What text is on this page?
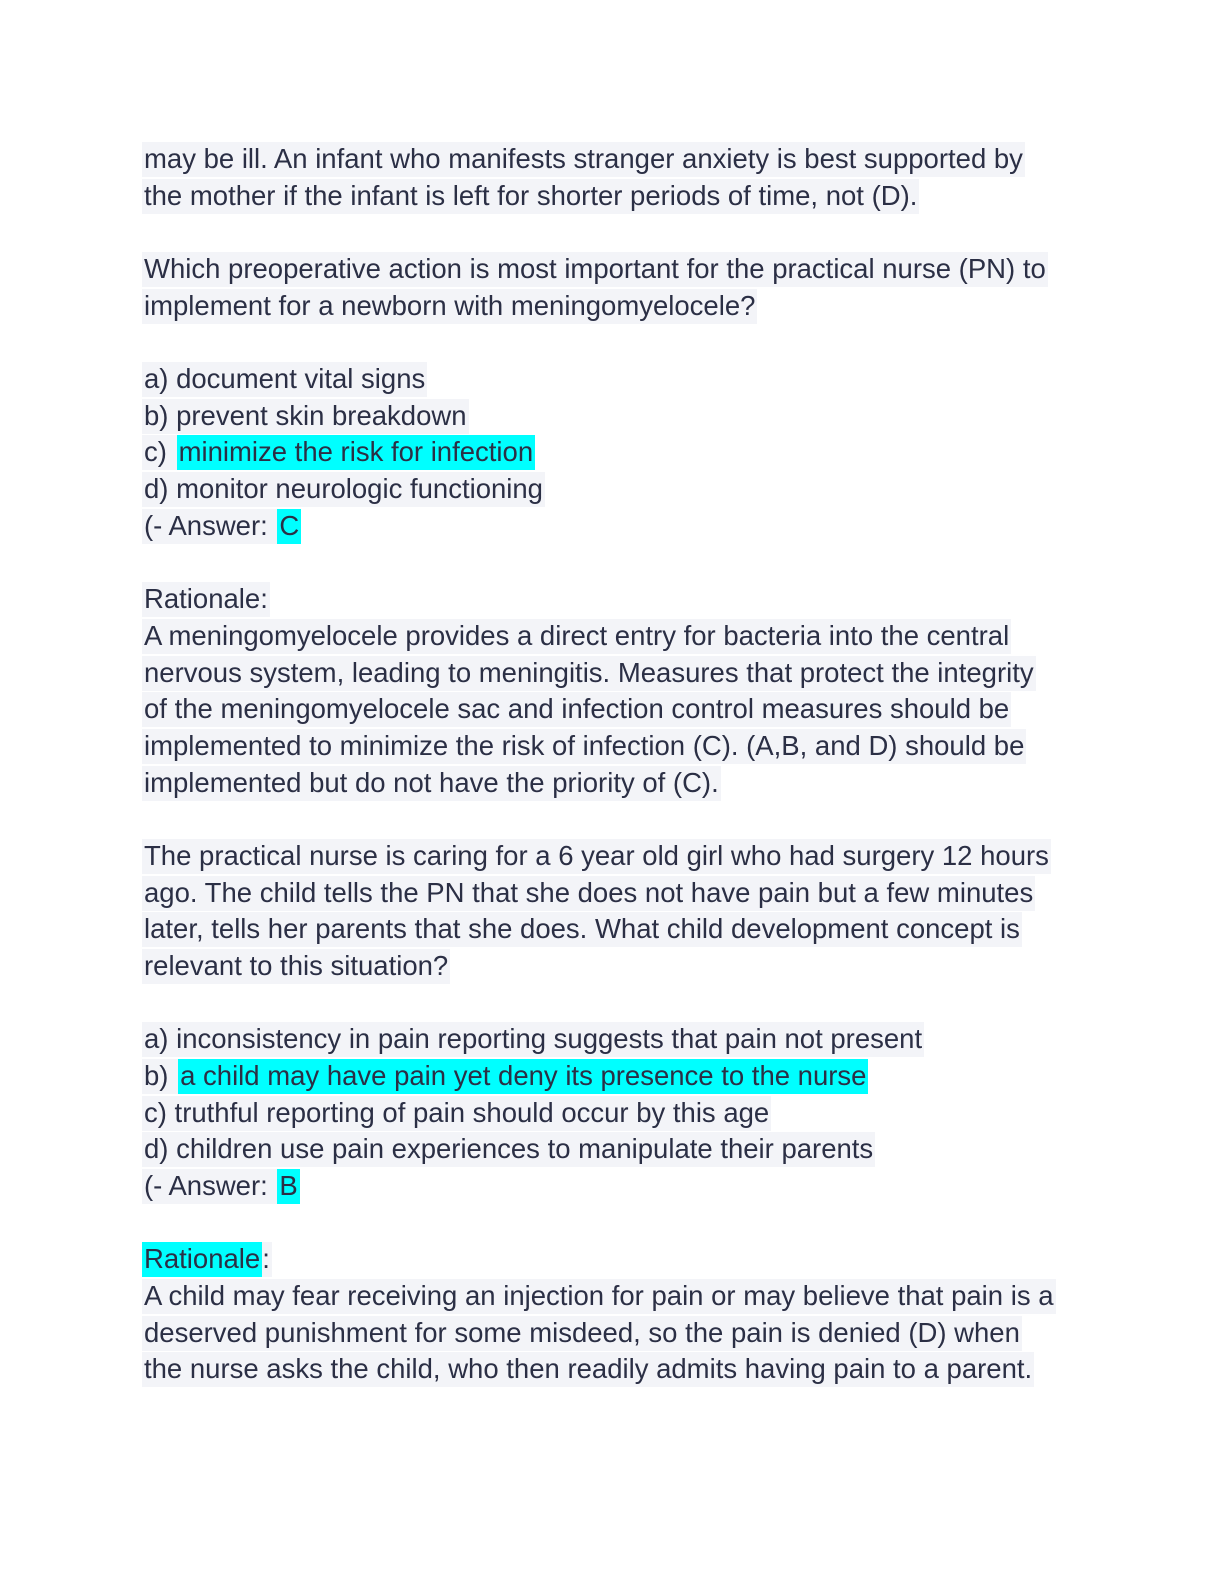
may be ill. An infant who manifests stranger anxiety is best supported by
the mother if the infant is left for shorter periods of time, not (D).
Which preoperative action is most important for the practical nurse (PN) to
implement for a newborn with meningomyelocele?
a) document vital signs
b) prevent skin breakdown
c) minimize the risk for infection
d) monitor neurologic functioning
(- Answer: C
Rationale:
A meningomyelocele provides a direct entry for bacteria into the central
nervous system, leading to meningitis. Measures that protect the integrity
of the meningomyelocele sac and infection control measures should be
implemented to minimize the risk of infection (C). (A,B, and D) should be
implemented but do not have the priority of (C).
The practical nurse is caring for a 6 year old girl who had surgery 12 hours
ago. The child tells the PN that she does not have pain but a few minutes
later, tells her parents that she does. What child development concept is
relevant to this situation?
a) inconsistency in pain reporting suggests that pain not present
b) a child may have pain yet deny its presence to the nurse
c) truthful reporting of pain should occur by this age
d) children use pain experiences to manipulate their parents
(- Answer: B
Rationale:
A child may fear receiving an injection for pain or may believe that pain is a
deserved punishment for some misdeed, so the pain is denied (D) when
the nurse asks the child, who then readily admits having pain to a parent.
